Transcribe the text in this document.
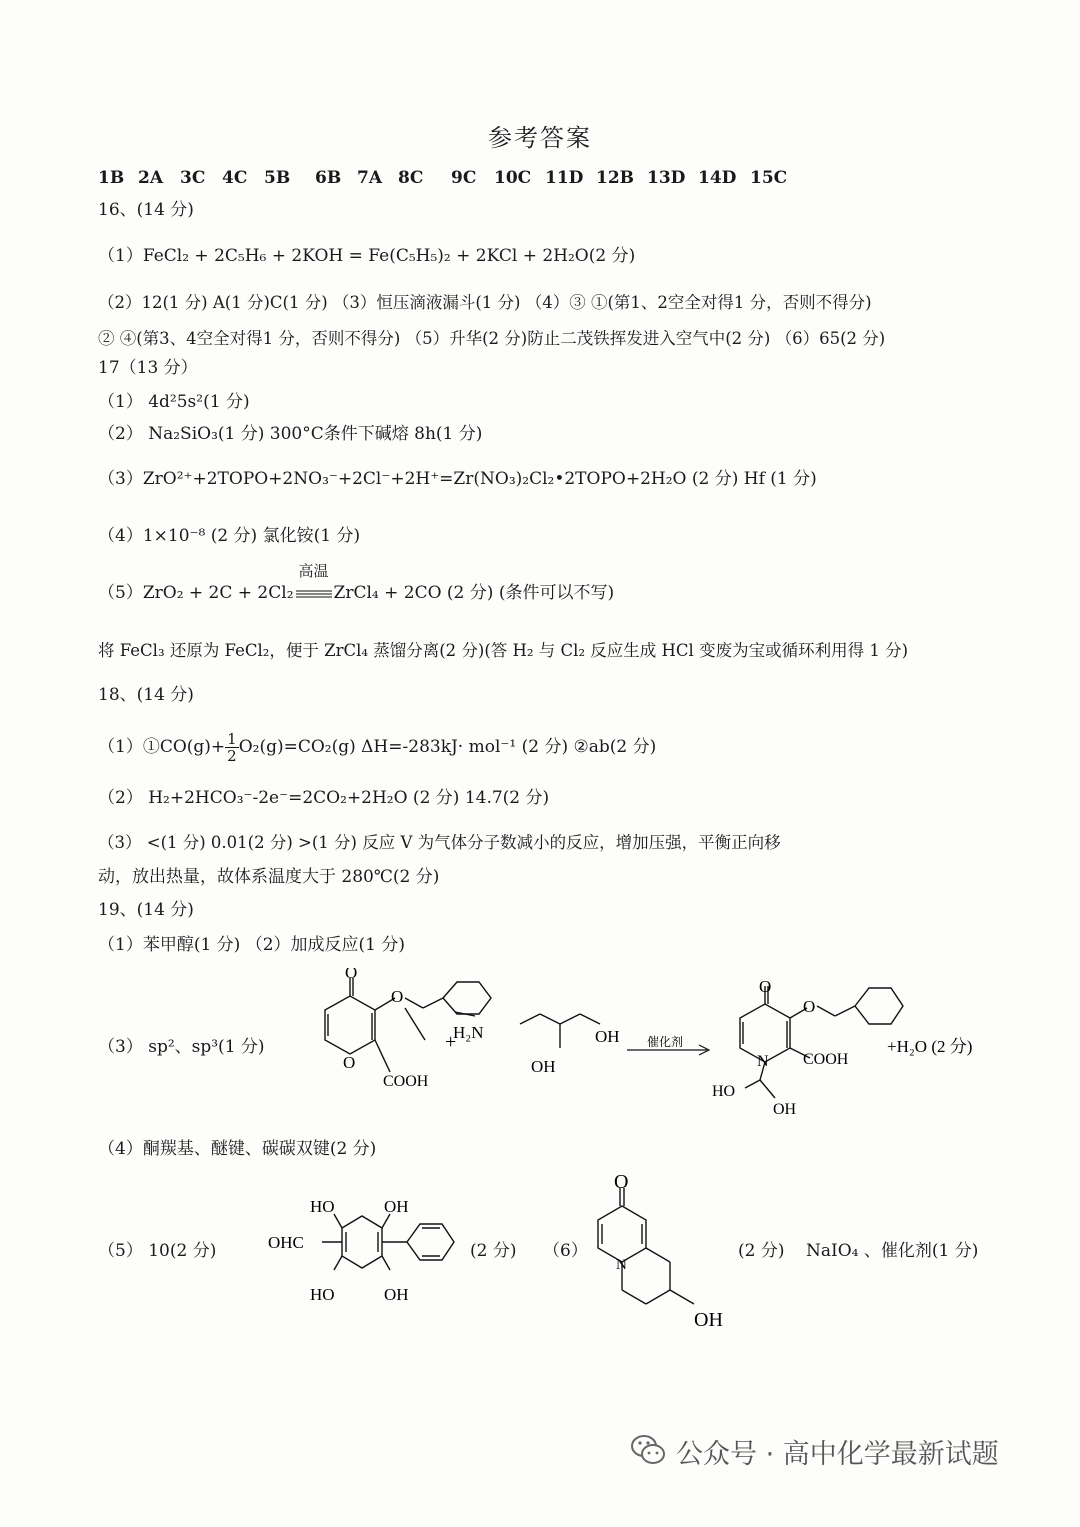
参考答案
1B 2A 3C 4C 5B 6B 7A 8C 9C 10C 11D 12B 13D 14D 15C
16、(14 分)
（1）FeCl₂ + 2C₅H₆ + 2KOH = Fe(C₅H₅)₂ + 2KCl + 2H₂O(2 分)
（2）12(1 分) A(1 分)C(1 分) （3）恒压滴液漏斗(1 分) （4）③ ①(第1、2空全对得1 分，否则不得分)
② ④(第3、4空全对得1 分，否则不得分) （5）升华(2 分)防止二茂铁挥发进入空气中(2 分) （6）65(2 分)
17（13 分）
（1） 4d²5s²(1 分)
（2） Na₂SiO₃(1 分) 300°C条件下碱熔 8h(1 分)
（3）ZrO²⁺+2TOPO+2NO₃⁻+2Cl⁻+2H⁺=Zr(NO₃)₂Cl₂•2TOPO+2H₂O (2 分) Hf (1 分)
（4）1×10⁻⁸ (2 分) 氯化铵(1 分)
（5）ZrO₂ + 2C + 2Cl₂
高温
ZrCl₄ + 2CO (2 分) (条件可以不写)
将 FeCl₃ 还原为 FeCl₂，便于 ZrCl₄ 蒸馏分离(2 分)(答 H₂ 与 Cl₂ 反应生成 HCl 变废为宝或循环利用得 1 分)
18、(14 分)
（1）①CO(g)+ $\frac{1}{2} O_2(g)=CO_2(g)$ ΔH=-283kJ· mol⁻¹ (2 分) ②ab(2 分)
（2） H₂+2HCO₃⁻-2e⁻=2CO₂+2H₂O (2 分) 14.7(2 分)
（3） <(1 分) 0.01(2 分) >(1 分) 反应 V 为气体分子数减小的反应，增加压强，平衡正向移
动，放出热量，故体系温度大于 280℃(2 分)
19、(14 分)
（1）苯甲醇(1 分) （2）加成反应(1 分)
（3） sp²、sp³(1 分)
O
O
O
COOH
+
H₂N	OH
OH
催化剂
O
O
N COOH
HO
OH
+H₂O (2 分)
（4）酮羰基、醚键、碳碳双键(2 分)
（5） 10(2 分)
HO	OH
OHC
HO	OH
(2 分) （6）
O
N
OH
(2 分) NaIO₄ 、催化剂(1 分)
公众号 · 高中化学最新试题
